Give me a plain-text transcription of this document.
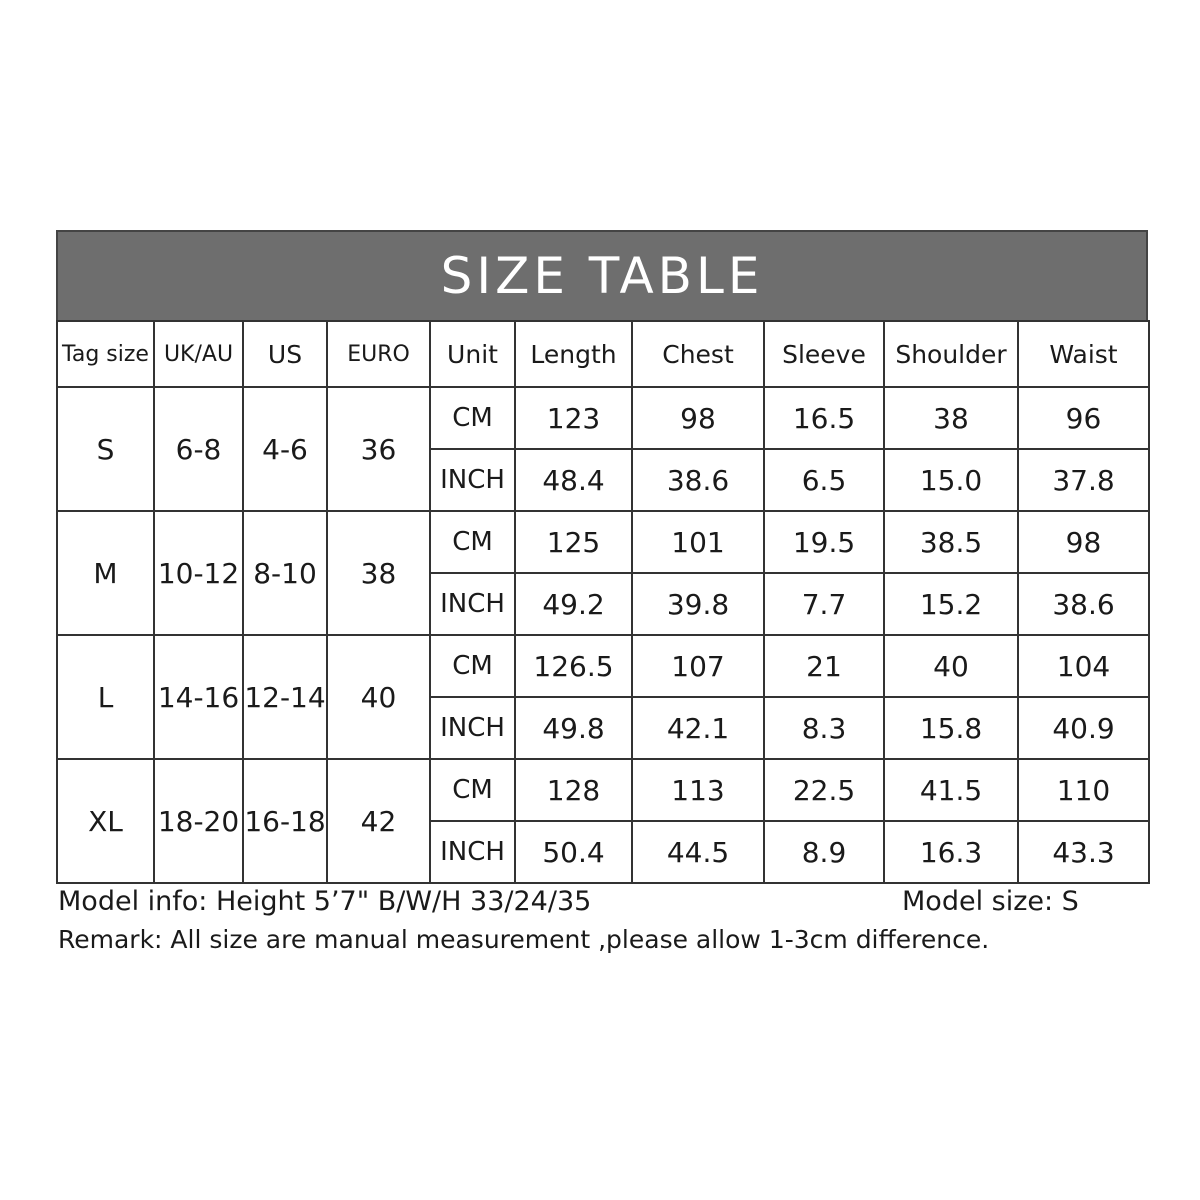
SIZE TABLE
Tag size	UK/AU	US	EURO	Unit	Length	Chest	Sleeve	Shoulder	Waist
S	6-8	4-6	36	CM	123	98	16.5	38	96
				INCH	48.4	38.6	6.5	15.0	37.8
M	10-12	8-10	38	CM	125	101	19.5	38.5	98
				INCH	49.2	39.8	7.7	15.2	38.6
L	14-16	12-14	40	CM	126.5	107	21	40	104
				INCH	49.8	42.1	8.3	15.8	40.9
XL	18-20	16-18	42	CM	128	113	22.5	41.5	110
				INCH	50.4	44.5	8.9	16.3	43.3
Model info: Height 5’7" B/W/H 33/24/35	Model size: S
Remark: All size are manual measurement ,please allow 1-3cm difference.
